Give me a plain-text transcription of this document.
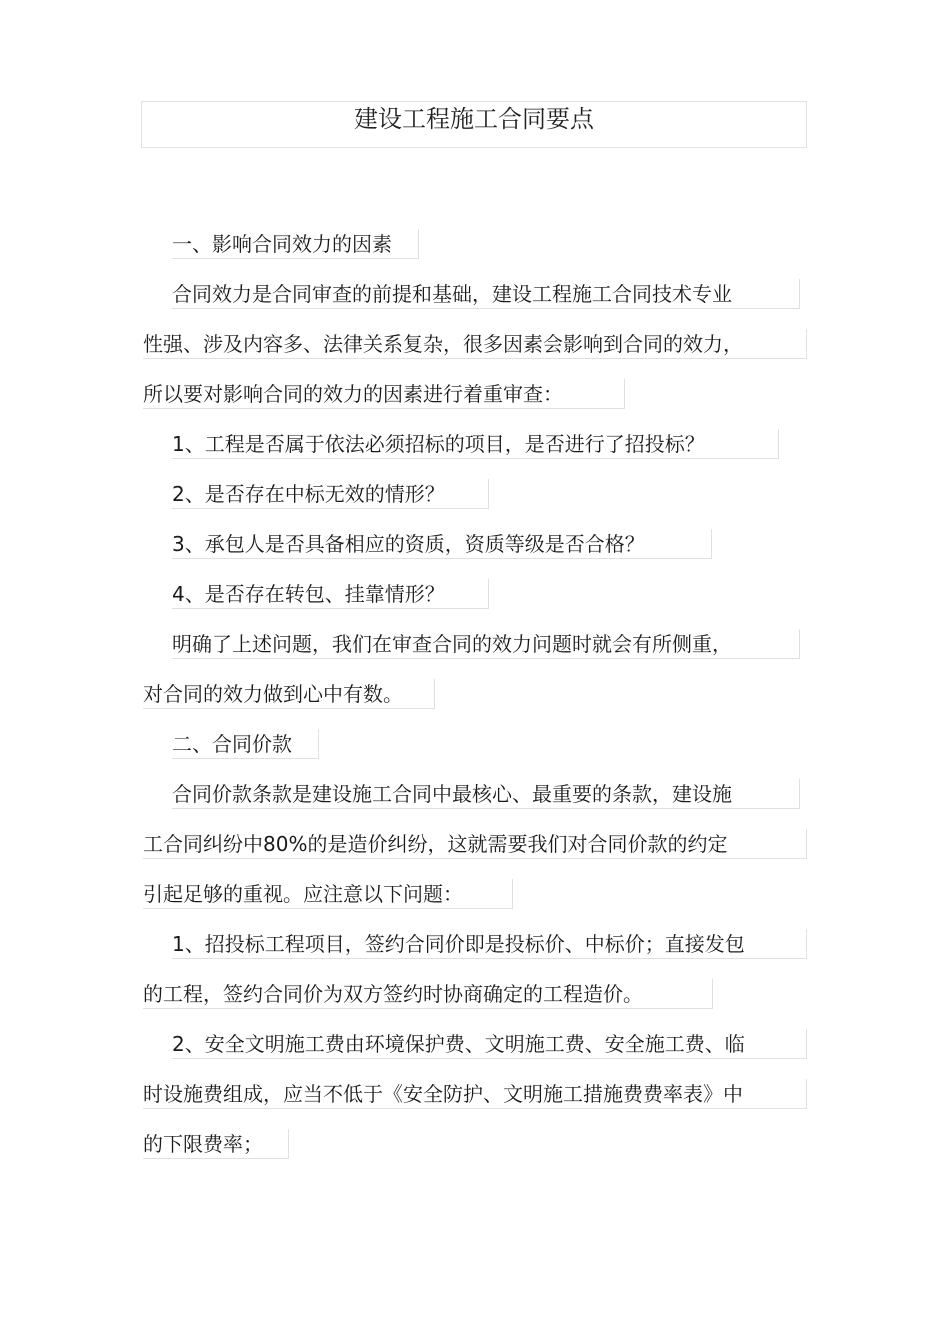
建设工程施工合同要点
一、影响合同效力的因素
合同效力是合同审查的前提和基础，建设工程施工合同技术专业
性强、涉及内容多、法律关系复杂，很多因素会影响到合同的效力，
所以要对影响合同的效力的因素进行着重审查：
1、工程是否属于依法必须招标的项目，是否进行了招投标？
2、是否存在中标无效的情形？
3、承包人是否具备相应的资质，资质等级是否合格？
4、是否存在转包、挂靠情形？
明确了上述问题，我们在审查合同的效力问题时就会有所侧重，
对合同的效力做到心中有数。
二、合同价款
合同价款条款是建设施工合同中最核心、最重要的条款，建设施
工合同纠纷中80%的是造价纠纷，这就需要我们对合同价款的约定
引起足够的重视。应注意以下问题：
1、招投标工程项目，签约合同价即是投标价、中标价；直接发包
的工程，签约合同价为双方签约时协商确定的工程造价。
2、安全文明施工费由环境保护费、文明施工费、安全施工费、临
时设施费组成，应当不低于《安全防护、文明施工措施费费率表》中
的下限费率；
